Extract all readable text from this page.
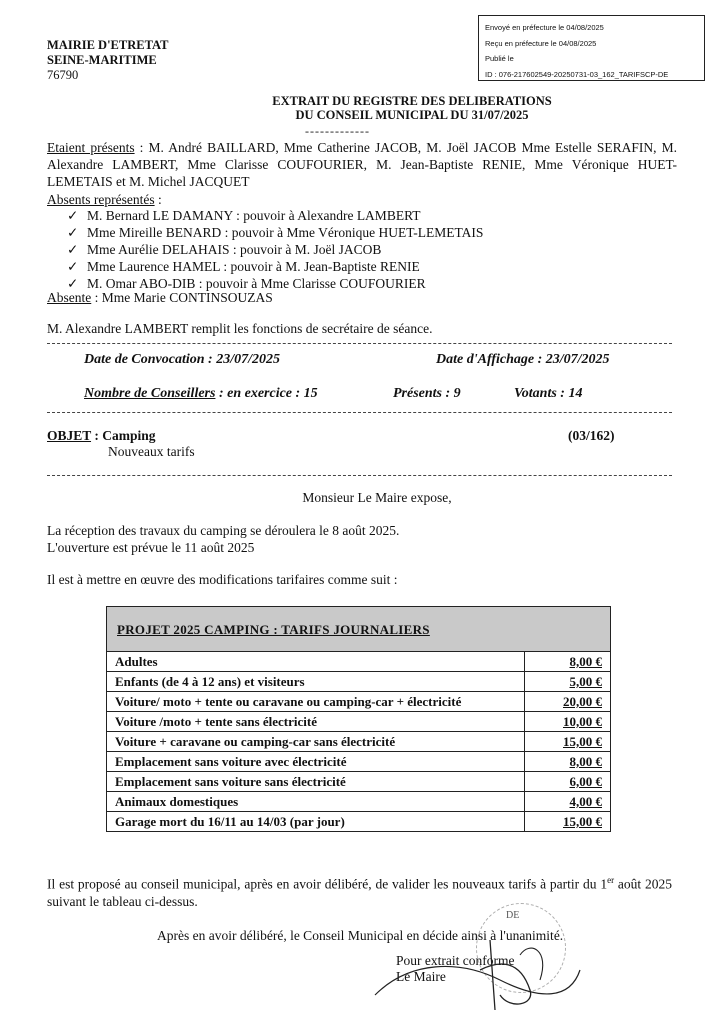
MAIRIE D'ETRETAT
SEINE-MARITIME
76790
Envoyé en préfecture le 04/08/2025
Reçu en préfecture le 04/08/2025
Publié le
ID : 076-217602549-20250731-03_162_TARIFSCP-DE
EXTRAIT DU REGISTRE DES DELIBERATIONS
DU CONSEIL MUNICIPAL DU 31/07/2025
-------------
Etaient présents : M. André BAILLARD, Mme Catherine JACOB, M. Joël JACOB Mme Estelle SERAFIN, M. Alexandre LAMBERT, Mme Clarisse COUFOURIER, M. Jean-Baptiste RENIE, Mme Véronique HUET-LEMETAIS et M. Michel JACQUET
Absents représentés :
✓ M. Bernard LE DAMANY : pouvoir à Alexandre LAMBERT
✓ Mme Mireille BENARD : pouvoir à Mme Véronique HUET-LEMETAIS
✓ Mme Aurélie DELAHAIS : pouvoir à M. Joël JACOB
✓ Mme Laurence HAMEL : pouvoir à M. Jean-Baptiste RENIE
✓ M. Omar ABO-DIB : pouvoir à Mme Clarisse COUFOURIER
Absente : Mme Marie CONTINSOUZAS
M. Alexandre LAMBERT remplit les fonctions de secrétaire de séance.
Date de Convocation : 23/07/2025	Date d'Affichage : 23/07/2025
Nombre de Conseillers : en exercice : 15	Présents : 9	Votants : 14
OBJET : Camping
Nouveaux tarifs
(03/162)
Monsieur Le Maire expose,
La réception des travaux du camping se déroulera le 8 août 2025.
L'ouverture est prévue le 11 août 2025
Il est à mettre en œuvre des modifications tarifaires comme suit :
PROJET 2025 CAMPING : TARIFS JOURNALIERS	
Adultes	8,00 €
Enfants (de 4 à 12 ans) et visiteurs	5,00 €
Voiture/ moto + tente ou caravane ou camping-car + électricité	20,00 €
Voiture /moto + tente sans électricité	10,00 €
Voiture + caravane ou camping-car sans électricité	15,00 €
Emplacement sans voiture avec électricité	8,00 €
Emplacement sans voiture sans électricité	6,00 €
Animaux domestiques	4,00 €
Garage mort du 16/11 au 14/03 (par jour)	15,00 €
Il est proposé au conseil municipal, après en avoir délibéré, de valider les nouveaux tarifs à partir du 1er août 2025 suivant le tableau ci-dessus.
Après en avoir délibéré, le Conseil Municipal en décide ainsi à l'unanimité.
DE
Pour extrait conforme
Le Maire
